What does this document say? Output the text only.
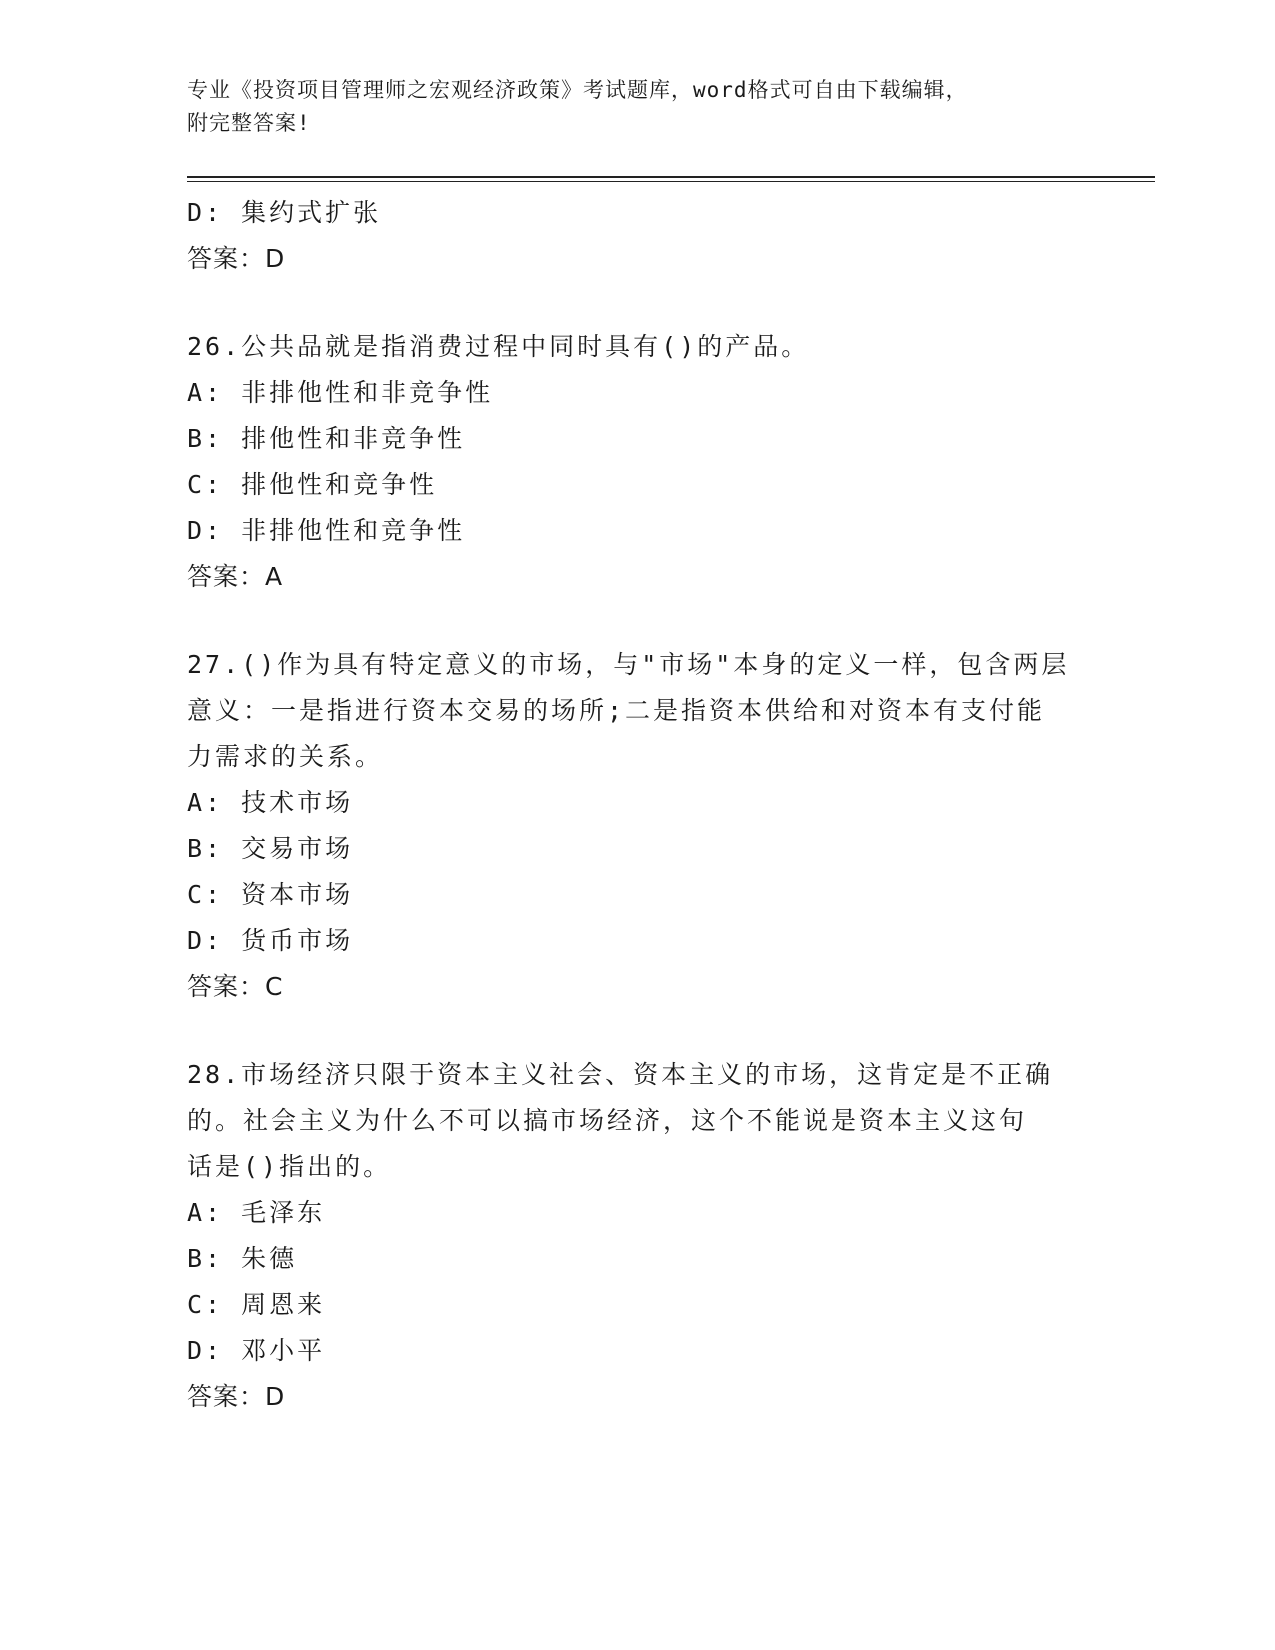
专业《投资项目管理师之宏观经济政策》考试题库，word格式可自由下载编辑，
附完整答案!
D: 集约式扩张
答案：D
26.公共品就是指消费过程中同时具有()的产品。
A: 非排他性和非竞争性
B: 排他性和非竞争性
C: 排他性和竞争性
D: 非排他性和竞争性
答案：A
27.()作为具有特定意义的市场，与"市场"本身的定义一样，包含两层
意义：一是指进行资本交易的场所;二是指资本供给和对资本有支付能
力需求的关系。
A: 技术市场
B: 交易市场
C: 资本市场
D: 货币市场
答案：C
28.市场经济只限于资本主义社会、资本主义的市场，这肯定是不正确
的。社会主义为什么不可以搞市场经济，这个不能说是资本主义这句
话是()指出的。
A: 毛泽东
B: 朱德
C: 周恩来
D: 邓小平
答案：D
